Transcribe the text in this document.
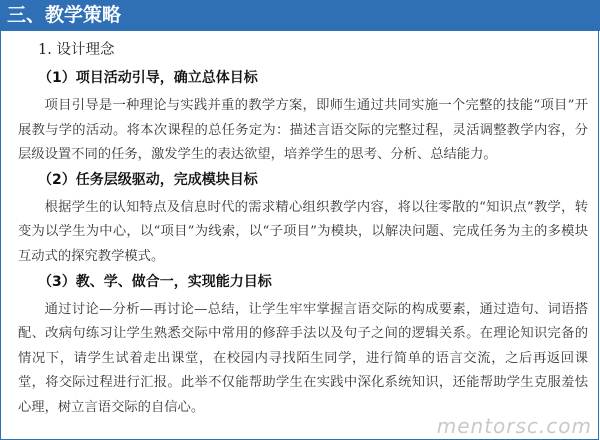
三、教学策略
1. 设计理念
（1）项目活动引导，确立总体目标

项目引导是一种理论与实践并重的教学方案，即师生通过共同实施一个完整的技能“项目”开展教与学的活动。将本次课程的总任务定为：描述言语交际的完整过程，灵活调整教学内容，分层级设置不同的任务，激发学生的表达欲望，培养学生的思考、分析、总结能力。

（2）任务层级驱动，完成模块目标

根据学生的认知特点及信息时代的需求精心组织教学内容，将以往零散的“知识点”教学，转变为以学生为中心，以“项目”为线索，以“子项目”为模块，以解决问题、完成任务为主的多模块互动式的探究教学模式。

（3）教、学、做合一，实现能力目标

通过讨论—分析—再讨论—总结，让学生牢牢掌握言语交际的构成要素，通过造句、词语搭配、改病句练习让学生熟悉交际中常用的修辞手法以及句子之间的逻辑关系。在理论知识完备的情况下，请学生试着走出课堂，在校园内寻找陌生同学，进行简单的语言交流，之后再返回课堂，将交际过程进行汇报。此举不仅能帮助学生在实践中深化系统知识，还能帮助学生克服羞怯心理，树立言语交际的自信心。

mentorsc.com
